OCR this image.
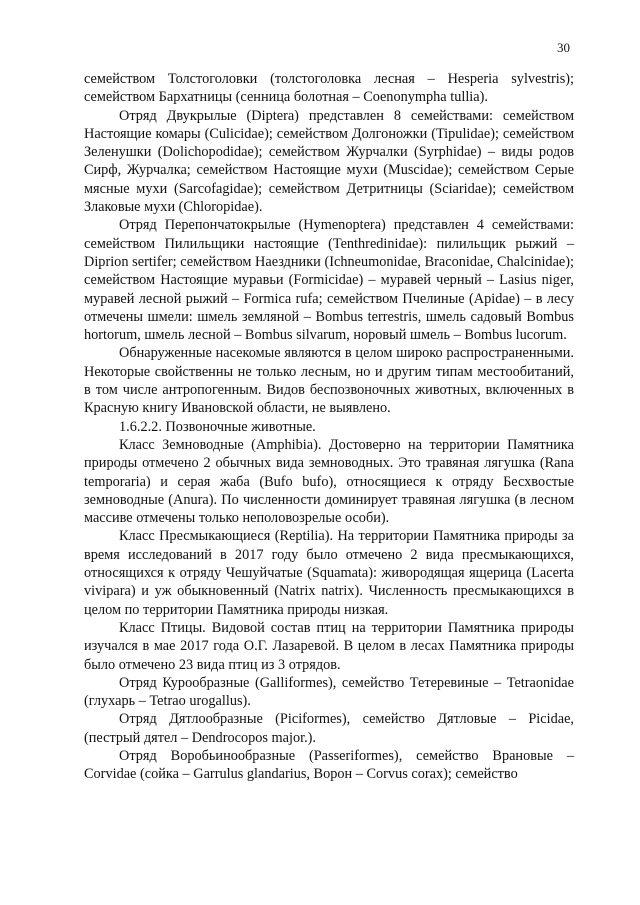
30

семейством Толстоголовки (толстоголовка лесная – Hesperia sylvestris); семейством Бархатницы (сенница болотная – Coenonympha tullia).

Отряд Двукрылые (Diptera) представлен 8 семействами: семейством Настоящие комары (Culicidae); семейством Долгоножки (Tipulidae); семейством Зеленушки (Dolichopodidae); семейством Журчалки (Syrphidae) – виды родов Сирф, Журчалка; семейством Настоящие мухи (Muscidae); семейством Серые мясные мухи (Sarcofagidae); семейством Детритницы (Sciaridae); семейством Злаковые мухи (Chloropidae).

Отряд Перепончатокрылые (Hymenoptera) представлен 4 семействами: семейством Пилильщики настоящие (Tenthredinidae): пилильщик рыжий – Diprion sertifer; семейством Наездники (Ichneumonidae, Braconidae, Chalcinidae); семейством Настоящие муравьи (Formicidae) – муравей черный – Lasius niger, муравей лесной рыжий – Formica rufa; семейством Пчелиные (Apidae) – в лесу отмечены шмели: шмель земляной – Bombus terrestris, шмель садовый Bombus hortorum, шмель лесной – Bombus silvarum, норовый шмель – Bombus lucorum.

Обнаруженные насекомые являются в целом широко распространенными. Некоторые свойственны не только лесным, но и другим типам местообитаний, в том числе антропогенным. Видов беспозвоночных животных, включенных в Красную книгу Ивановской области, не выявлено.

1.6.2.2. Позвоночные животные.

Класс Земноводные (Amphibia). Достоверно на территории Памятника природы отмечено 2 обычных вида земноводных. Это травяная лягушка (Rana temporaria) и серая жаба (Bufo bufo), относящиеся к отряду Бесхвостые земноводные (Anura). По численности доминирует травяная лягушка (в лесном массиве отмечены только неполовозрелые особи).

Класс Пресмыкающиеся (Reptilia). На территории Памятника природы за время исследований в 2017 году было отмечено 2 вида пресмыкающихся, относящихся к отряду Чешуйчатые (Squamata): живородящая ящерица (Lacerta vivipara) и уж обыкновенный (Natrix natrix). Численность пресмыкающихся в целом по территории Памятника природы низкая.

Класс Птицы. Видовой состав птиц на территории Памятника природы изучался в мае 2017 года О.Г. Лазаревой. В целом в лесах Памятника природы было отмечено 23 вида птиц из 3 отрядов.

Отряд Курообразные (Galliformes), семейство Тетеревиные – Tetraonidae (глухарь – Tetrao urogallus).

Отряд Дятлообразные (Piciformes), семейство Дятловые – Picidae, (пестрый дятел – Dendrocopos major.).

Отряд Воробьинообразные (Passeriformes), семейство Врановые – Corvidae (сойка – Garrulus glandarius, Ворон – Corvus corax); семейство
